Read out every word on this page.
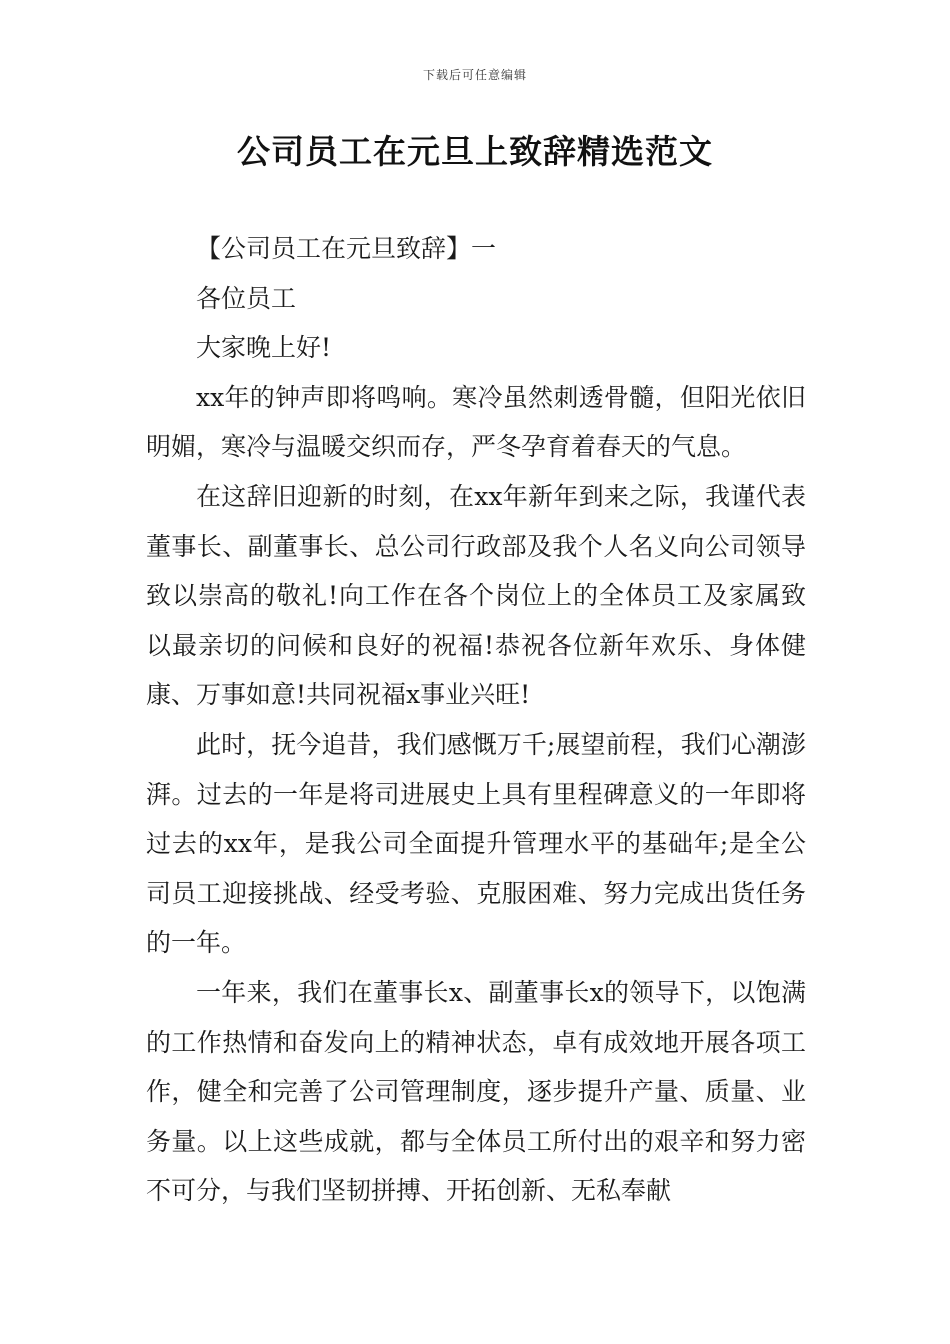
下载后可任意编辑
公司员工在元旦上致辞精选范文

【公司员工在元旦致辞】一

各位员工

大家晚上好!

xx年的钟声即将鸣响。寒冷虽然刺透骨髓，但阳光依旧明媚，寒冷与温暖交织而存，严冬孕育着春天的气息。

在这辞旧迎新的时刻，在xx年新年到来之际，我谨代表董事长、副董事长、总公司行政部及我个人名义向公司领导致以崇高的敬礼!向工作在各个岗位上的全体员工及家属致以最亲切的问候和良好的祝福!恭祝各位新年欢乐、身体健康、万事如意!共同祝福x事业兴旺!

此时，抚今追昔，我们感慨万千;展望前程，我们心潮澎湃。过去的一年是将司进展史上具有里程碑意义的一年即将过去的xx年，是我公司全面提升管理水平的基础年;是全公司员工迎接挑战、经受考验、克服困难、努力完成出货任务的一年。

一年来，我们在董事长x、副董事长x的领导下，以饱满的工作热情和奋发向上的精神状态，卓有成效地开展各项工作，健全和完善了公司管理制度，逐步提升产量、质量、业务量。以上这些成就，都与全体员工所付出的艰辛和努力密不可分，与我们坚韧拼搏、开拓创新、无私奉献
